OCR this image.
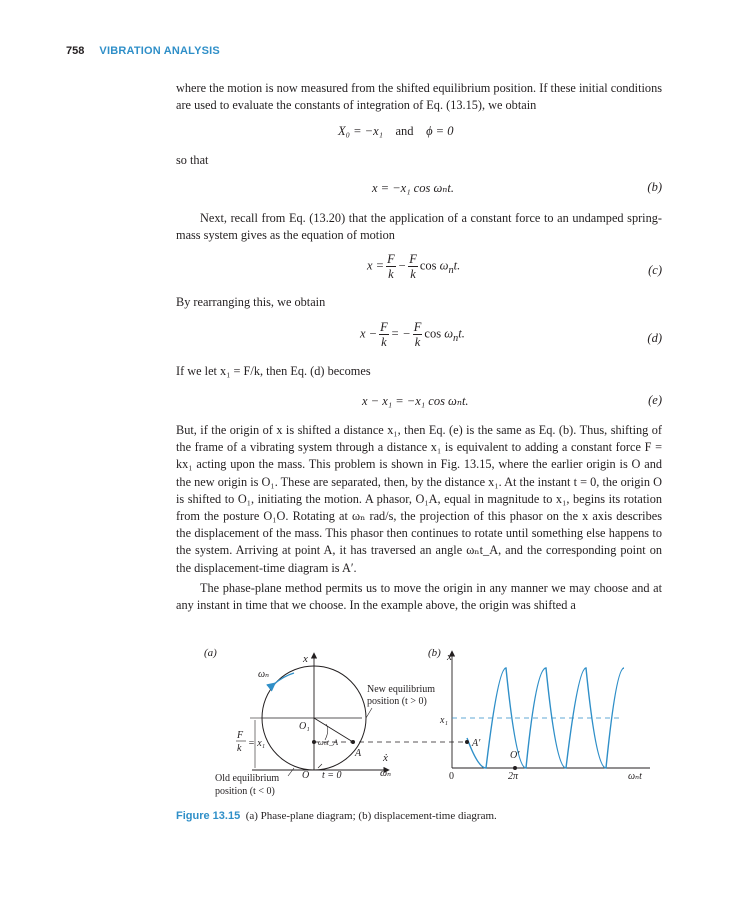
758 VIBRATION ANALYSIS
where the motion is now measured from the shifted equilibrium position. If these initial conditions are used to evaluate the constants of integration of Eq. (13.15), we obtain
X₀ = −x₁ and ϕ = 0
so that
x = −x₁ cos ωₙt.	(b)
Next, recall from Eq. (13.20) that the application of a constant force to an undamped spring-mass system gives as the equation of motion
$x = \frac{F}{k} - \frac{F}{k}$ $\cos \omega_nt$.	(c)
By rearranging this, we obtain
$x - \frac{F}{k}$ = − $\frac{F}{k}$ $\cos \omega_nt$.	(d)
If we let x₁ = F/k, then Eq. (d) becomes
x − x₁ = −x₁ cos ωₙt.	(e)
But, if the origin of x is shifted a distance x₁, then Eq. (e) is the same as Eq. (b). Thus, shifting of the frame of a vibrating system through a distance x₁ is equivalent to adding a constant force F = kx₁ acting upon the mass. This problem is shown in Fig. 13.15, where the earlier origin is O and the new origin is O₁. These are separated, then, by the distance x₁. At the instant t = 0, the origin O is shifted to O₁, initiating the motion. A phasor, O₁A, equal in magnitude to x₁, begins its rotation from the posture O₁O. Rotating at ωₙ rad/s, the projection of this phasor on the x axis describes the displacement of the mass. This phasor then continues to rotate until something else happens to the system. Arriving at point A, it has traversed an angle ωₙt_A, and the corresponding point on the displacement-time diagram is A′.
The phase-plane method permits us to move the origin in any manner we may choose and at any instant in time that we choose. In the example above, the origin was shifted a
(a)	x
ẋ
ωₙ
A
O₁
ωₙt_A
O t = 0
ωₙ
F
k = x₁
Old equilibrium
position (t < 0)
(b) x
x₁
A′
O′
0	2π	ωₙt
New equilibrium
position (t > 0)
Figure 13.15 (a) Phase-plane diagram; (b) displacement-time diagram.
